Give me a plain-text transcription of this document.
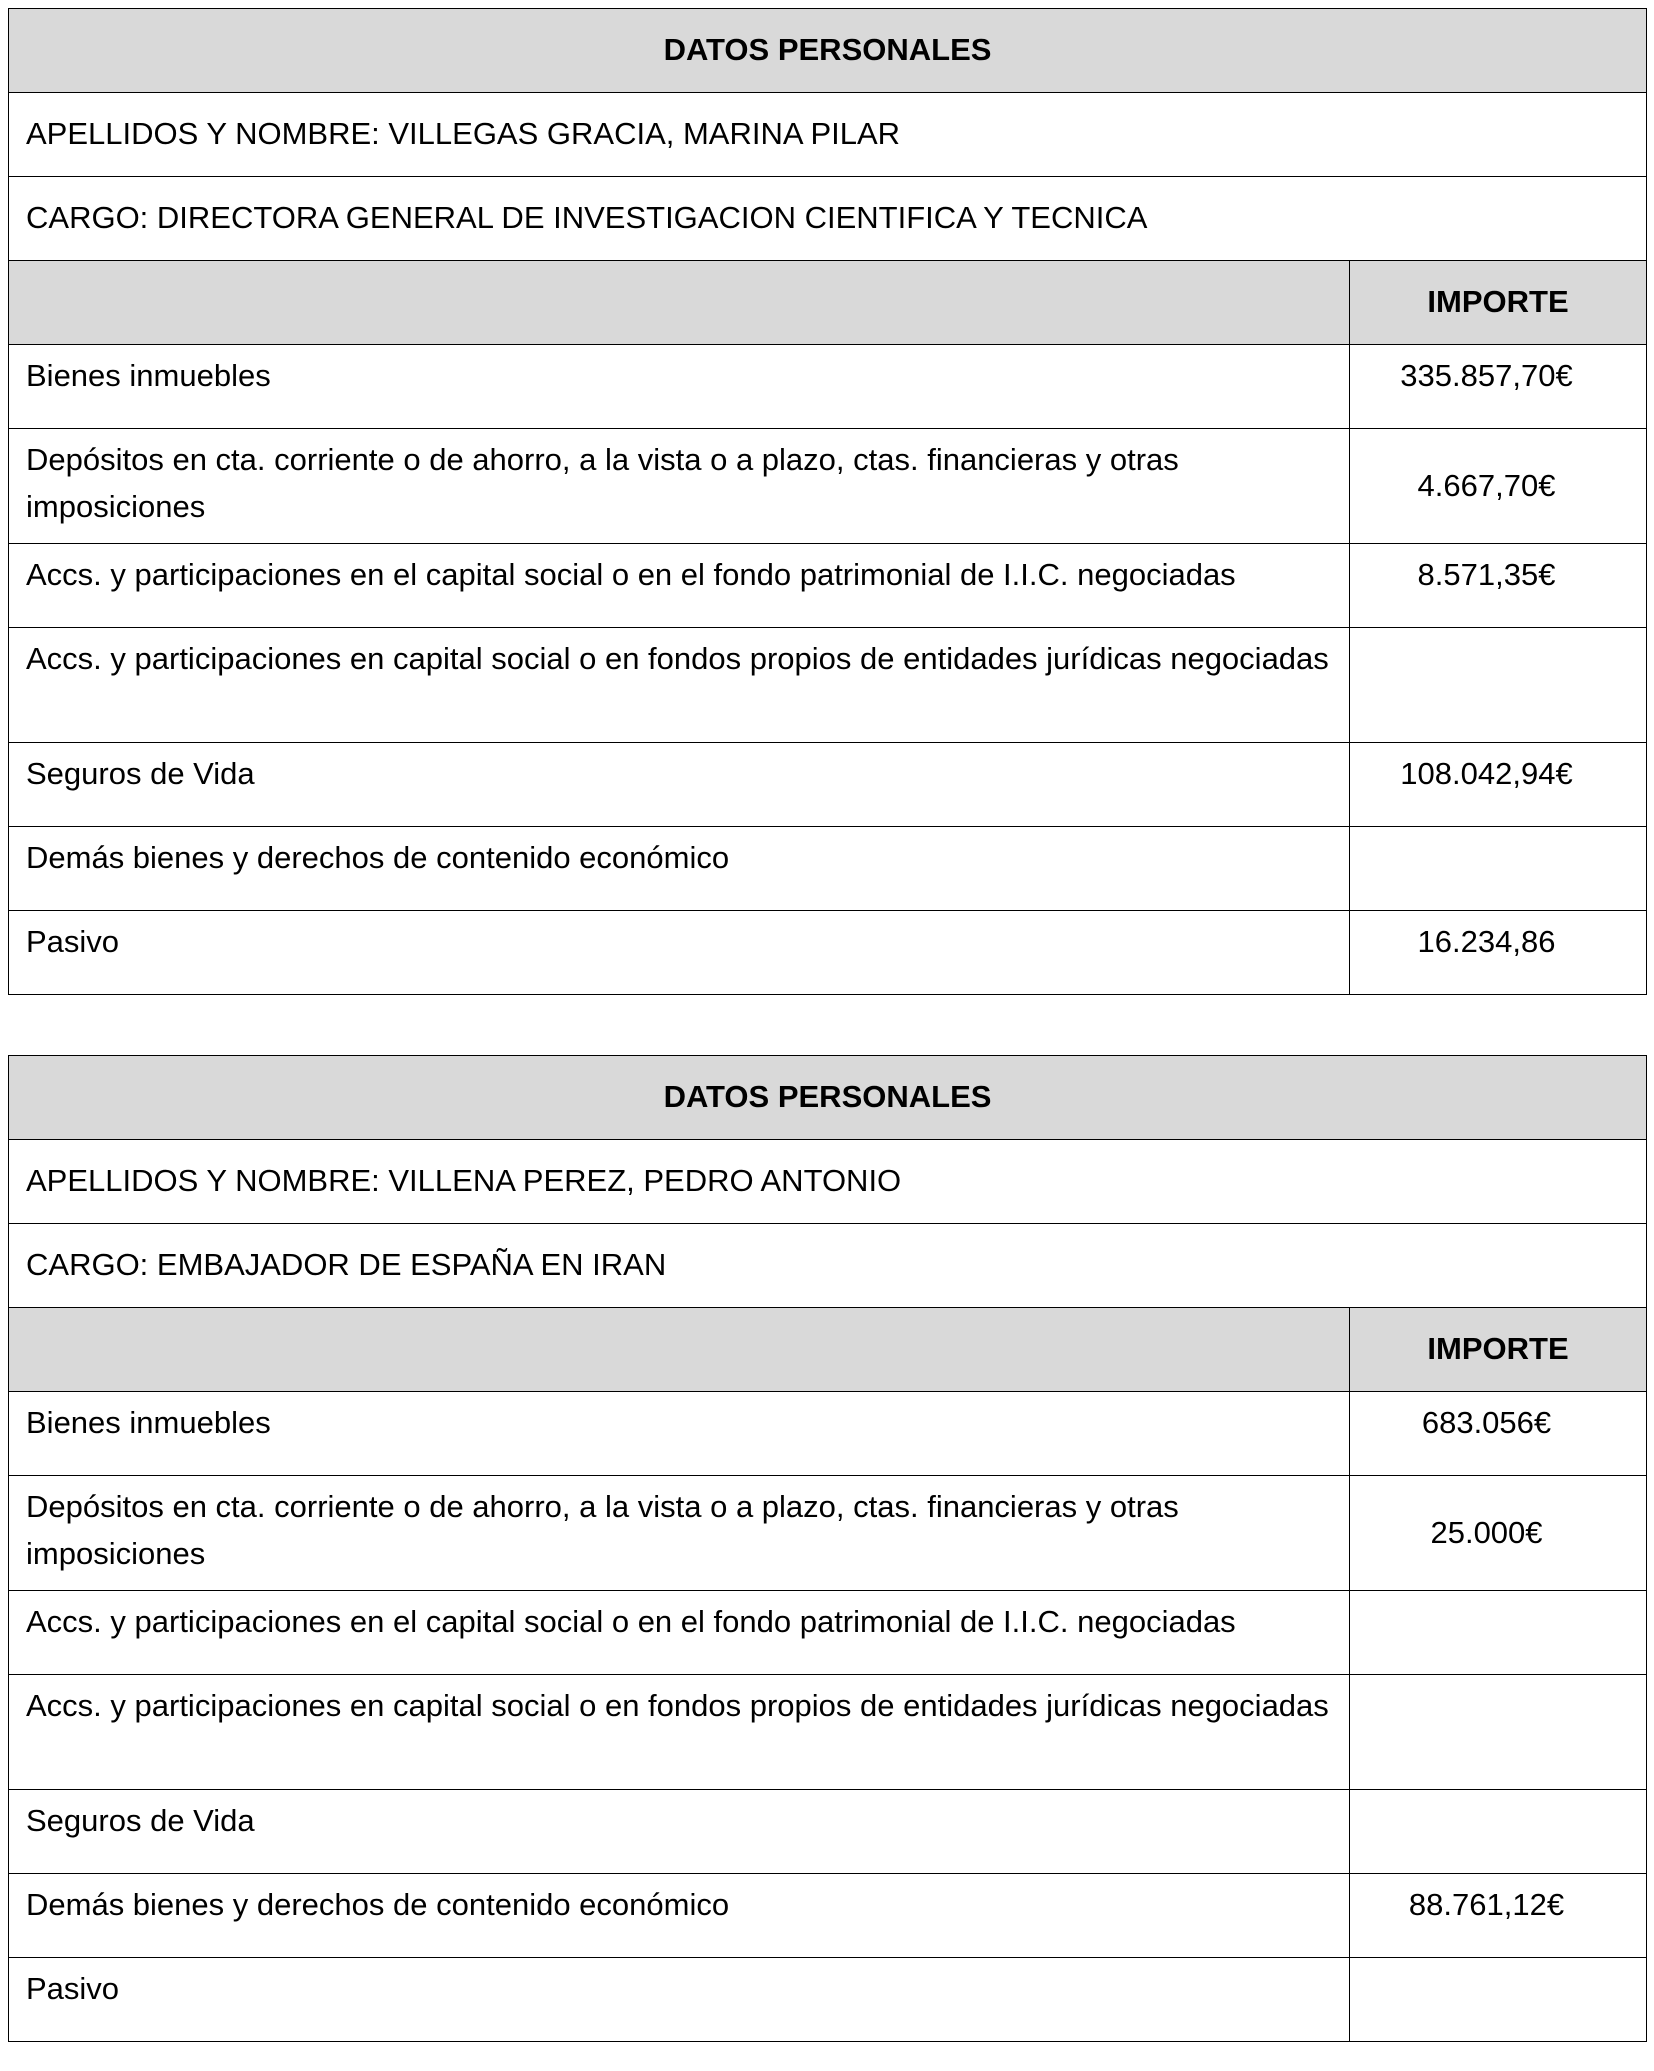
DATOS PERSONALES	
APELLIDOS Y NOMBRE: VILLEGAS GRACIA, MARINA PILAR	
CARGO: DIRECTORA GENERAL DE INVESTIGACION CIENTIFICA Y TECNICA	
	IMPORTE
Bienes inmuebles	335.857,70€
Depósitos en cta. corriente o de ahorro, a la vista o a plazo, ctas. financieras y otras imposiciones	4.667,70€
Accs. y participaciones en el capital social o en el fondo patrimonial de I.I.C. negociadas	8.571,35€
Accs. y participaciones en capital social o en fondos propios de entidades jurídicas negociadas	
Seguros de Vida	108.042,94€
Demás bienes y derechos de contenido económico	
Pasivo	16.234,86
DATOS PERSONALES	
APELLIDOS Y NOMBRE: VILLENA PEREZ, PEDRO ANTONIO	
CARGO: EMBAJADOR DE ESPAÑA EN IRAN	
	IMPORTE
Bienes inmuebles	683.056€
Depósitos en cta. corriente o de ahorro, a la vista o a plazo, ctas. financieras y otras imposiciones	25.000€
Accs. y participaciones en el capital social o en el fondo patrimonial de I.I.C. negociadas	
Accs. y participaciones en capital social o en fondos propios de entidades jurídicas negociadas	
Seguros de Vida	
Demás bienes y derechos de contenido económico	88.761,12€
Pasivo	
